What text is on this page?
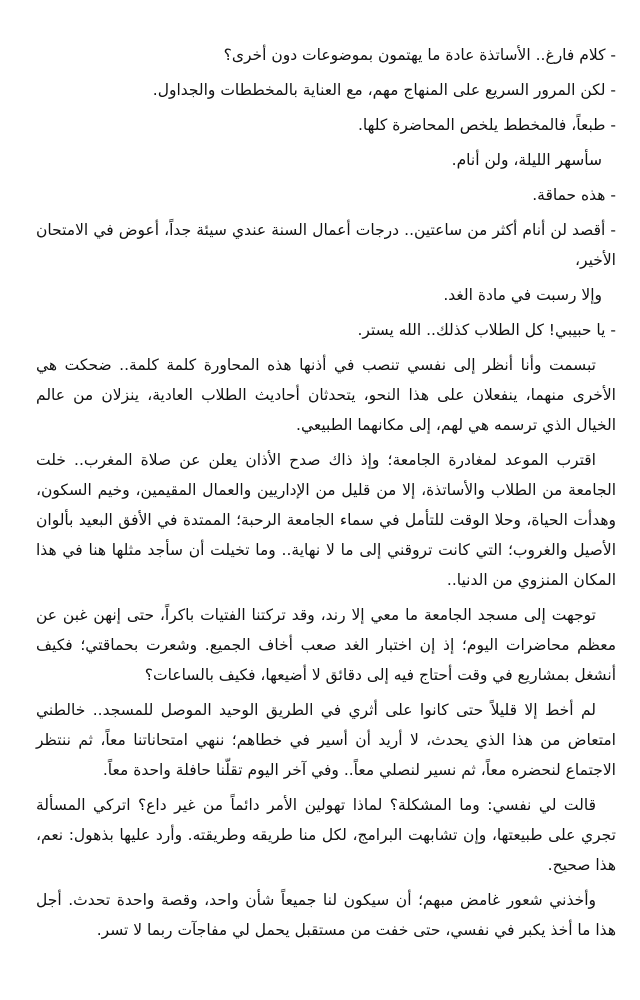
- كلام فارغ.. الأساتذة عادة ما يهتمون بموضوعات دون أخرى؟

- لكن المرور السريع على المنهاج مهم، مع العناية بالمخططات والجداول.

- طبعاً، فالمخطط يلخص المحاضرة كلها.

سأسهر الليلة، ولن أنام.

- هذه حماقة.

- أقصد لن أنام أكثر من ساعتين.. درجات أعمال السنة عندي سيئة جداً، أعوض في الامتحان الأخير،

وإلا رسبت في مادة الغد.

- يا حبيبي! كل الطلاب كذلك.. الله يستر.

تبسمت وأنا أنظر إلى نفسي تنصب في أذنها هذه المحاورة كلمة كلمة.. ضحكت هي الأخرى منهما، ينفعلان على هذا النحو، يتحدثان أحاديث الطلاب العادية، ينزلان من عالم الخيال الذي ترسمه هي لهم، إلى مكانهما الطبيعي.

اقترب الموعد لمغادرة الجامعة؛ وإذ ذاك صدح الأذان يعلن عن صلاة المغرب.. خلت الجامعة من الطلاب والأساتذة، إلا من قليل من الإداريين والعمال المقيمين، وخيم السكون، وهدأت الحياة، وحلا الوقت للتأمل في سماء الجامعة الرحبة؛ الممتدة في الأفق البعيد بألوان الأصيل والغروب؛ التي كانت تروقني إلى ما لا نهاية.. وما تخيلت أن سأجد مثلها هنا في هذا المكان المنزوي من الدنيا..

توجهت إلى مسجد الجامعة ما معي إلا رند، وقد تركتنا الفتيات باكراً، حتى إنهن غبن عن معظم محاضرات اليوم؛ إذ إن اختبار الغد صعب أخاف الجميع. وشعرت بحماقتي؛ فكيف أنشغل بمشاريع في وقت أحتاج فيه إلى دقائق لا أضيعها، فكيف بالساعات؟

لم أخط إلا قليلاً حتى كانوا على أثري في الطريق الوحيد الموصل للمسجد.. خالطني امتعاض من هذا الذي يحدث، لا أريد أن أسير في خطاهم؛ ننهي امتحاناتنا معاً، ثم ننتظر الاجتماع لنحضره معاً، ثم نسير لنصلي معاً.. وفي آخر اليوم تقلّنا حافلة واحدة معاً.

قالت لي نفسي: وما المشكلة؟ لماذا تهولين الأمر دائماً من غير داع؟ اتركي المسألة تجري على طبيعتها، وإن تشابهت البرامج، لكل منا طريقه وطريقته. وأرد عليها بذهول: نعم، هذا صحيح.

وأخذني شعور غامض مبهم؛ أن سيكون لنا جميعاً شأن واحد، وقصة واحدة تحدث. أجل هذا ما أخذ يكبر في نفسي، حتى خفت من مستقبل يحمل لي مفاجآت ربما لا تسر.
